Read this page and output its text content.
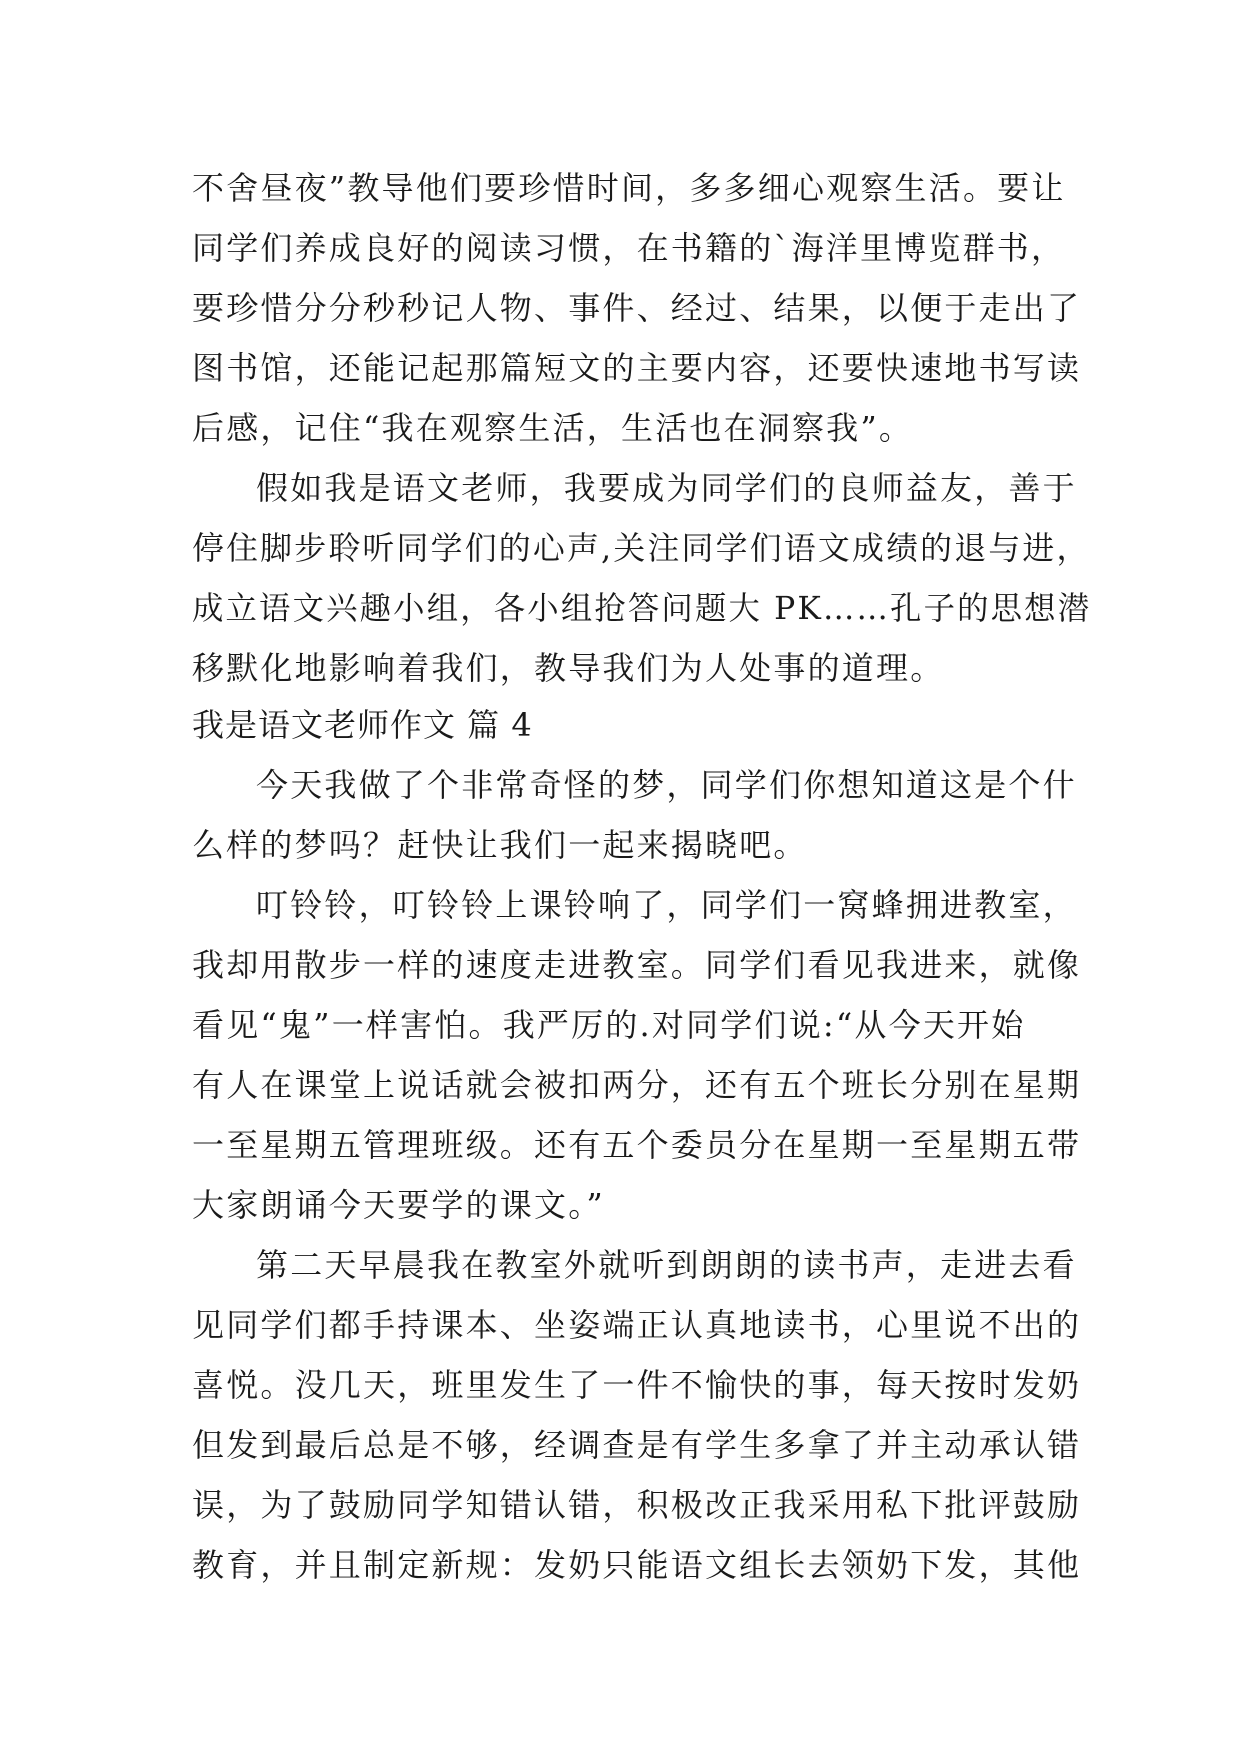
不舍昼夜”教导他们要珍惜时间，多多细心观察生活。要让
同学们养成良好的阅读习惯，在书籍的`海洋里博览群书，
要珍惜分分秒秒记人物、事件、经过、结果，以便于走出了
图书馆，还能记起那篇短文的主要内容，还要快速地书写读
后感，记住“我在观察生活，生活也在洞察我”。
假如我是语文老师，我要成为同学们的良师益友，善于
停住脚步聆听同学们的心声,关注同学们语文成绩的退与进，
成立语文兴趣小组，各小组抢答问题大 PK……孔子的思想潜
移默化地影响着我们，教导我们为人处事的道理。
我是语文老师作文 篇 4
今天我做了个非常奇怪的梦，同学们你想知道这是个什
么样的梦吗？赶快让我们一起来揭晓吧。
叮铃铃，叮铃铃上课铃响了，同学们一窝蜂拥进教室，
我却用散步一样的速度走进教室。同学们看见我进来，就像
看见“鬼”一样害怕。我严厉的.对同学们说:“从今天开始
有人在课堂上说话就会被扣两分，还有五个班长分别在星期
一至星期五管理班级。还有五个委员分在星期一至星期五带
大家朗诵今天要学的课文。”
第二天早晨我在教室外就听到朗朗的读书声，走进去看
见同学们都手持课本、坐姿端正认真地读书，心里说不出的
喜悦。没几天，班里发生了一件不愉快的事，每天按时发奶
但发到最后总是不够，经调查是有学生多拿了并主动承认错
误，为了鼓励同学知错认错，积极改正我采用私下批评鼓励
教育，并且制定新规：发奶只能语文组长去领奶下发，其他
